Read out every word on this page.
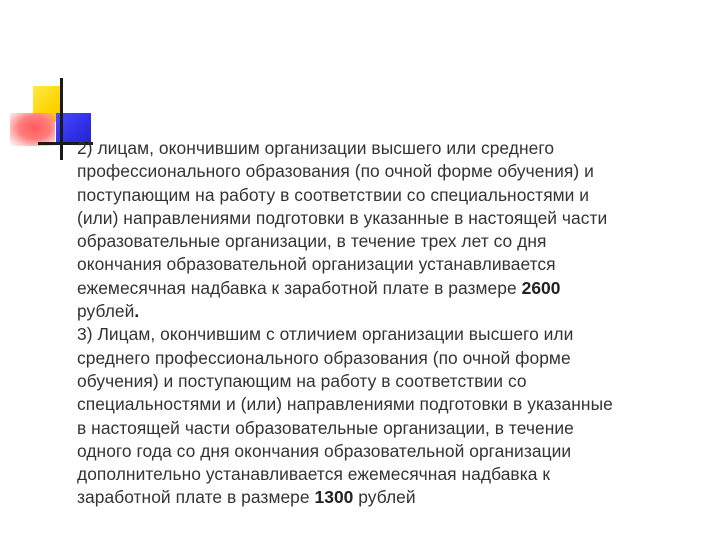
2) лицам, окончившим организации высшего или среднего
профессионального образования (по очной форме обучения) и
поступающим на работу в соответствии со специальностями и
(или) направлениями подготовки в указанные в настоящей части
образовательные организации, в течение трех лет со дня
окончания образовательной организации устанавливается
ежемесячная надбавка к заработной плате в размере 2600
рублей.

3) Лицам, окончившим с отличием организации высшего или
среднего профессионального образования (по очной форме
обучения) и поступающим на работу в соответствии со
специальностями и (или) направлениями подготовки в указанные
в настоящей части образовательные организации, в течение
одного года со дня окончания образовательной организации
дополнительно устанавливается ежемесячная надбавка к
заработной плате в размере 1300 рублей
